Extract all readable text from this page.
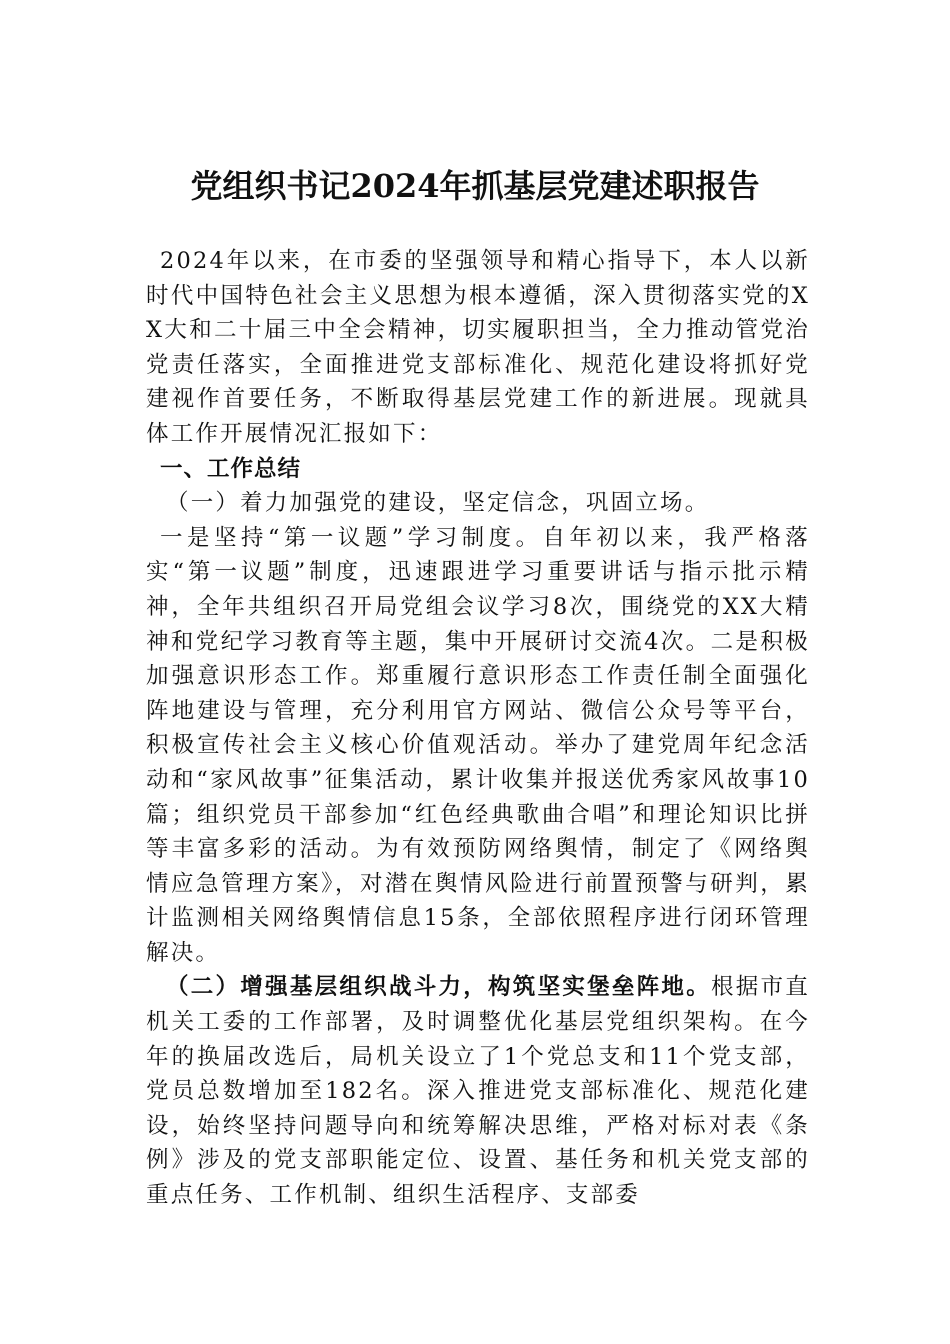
党组织书记2024年抓基层党建述职报告

2024年以来，在市委的坚强领导和精心指导下，本人以新时代中国特色社会主义思想为根本遵循，深入贯彻落实党的XX大和二十届三中全会精神，切实履职担当，全力推动管党治党责任落实，全面推进党支部标准化、规范化建设将抓好党建视作首要任务，不断取得基层党建工作的新进展。现就具体工作开展情况汇报如下：

一、工作总结

（一）着力加强党的建设，坚定信念，巩固立场。

一是坚持“第一议题”学习制度。自年初以来，我严格落实“第一议题”制度，迅速跟进学习重要讲话与指示批示精神，全年共组织召开局党组会议学习8次，围绕党的XX大精神和党纪学习教育等主题，集中开展研讨交流4次。二是积极加强意识形态工作。郑重履行意识形态工作责任制全面强化阵地建设与管理，充分利用官方网站、微信公众号等平台，积极宣传社会主义核心价值观活动。举办了建党周年纪念活动和“家风故事”征集活动，累计收集并报送优秀家风故事10篇；组织党员干部参加“红色经典歌曲合唱”和理论知识比拼等丰富多彩的活动。为有效预防网络舆情，制定了《网络舆情应急管理方案》，对潜在舆情风险进行前置预警与研判，累计监测相关网络舆情信息15条，全部依照程序进行闭环管理解决。

（二）增强基层组织战斗力，构筑坚实堡垒阵地。根据市直机关工委的工作部署，及时调整优化基层党组织架构。在今年的换届改选后，局机关设立了1个党总支和11个党支部，党员总数增加至182名。深入推进党支部标准化、规范化建设，始终坚持问题导向和统筹解决思维，严格对标对表《条例》涉及的党支部职能定位、设置、基任务和机关党支部的重点任务、工作机制、组织生活程序、支部委
